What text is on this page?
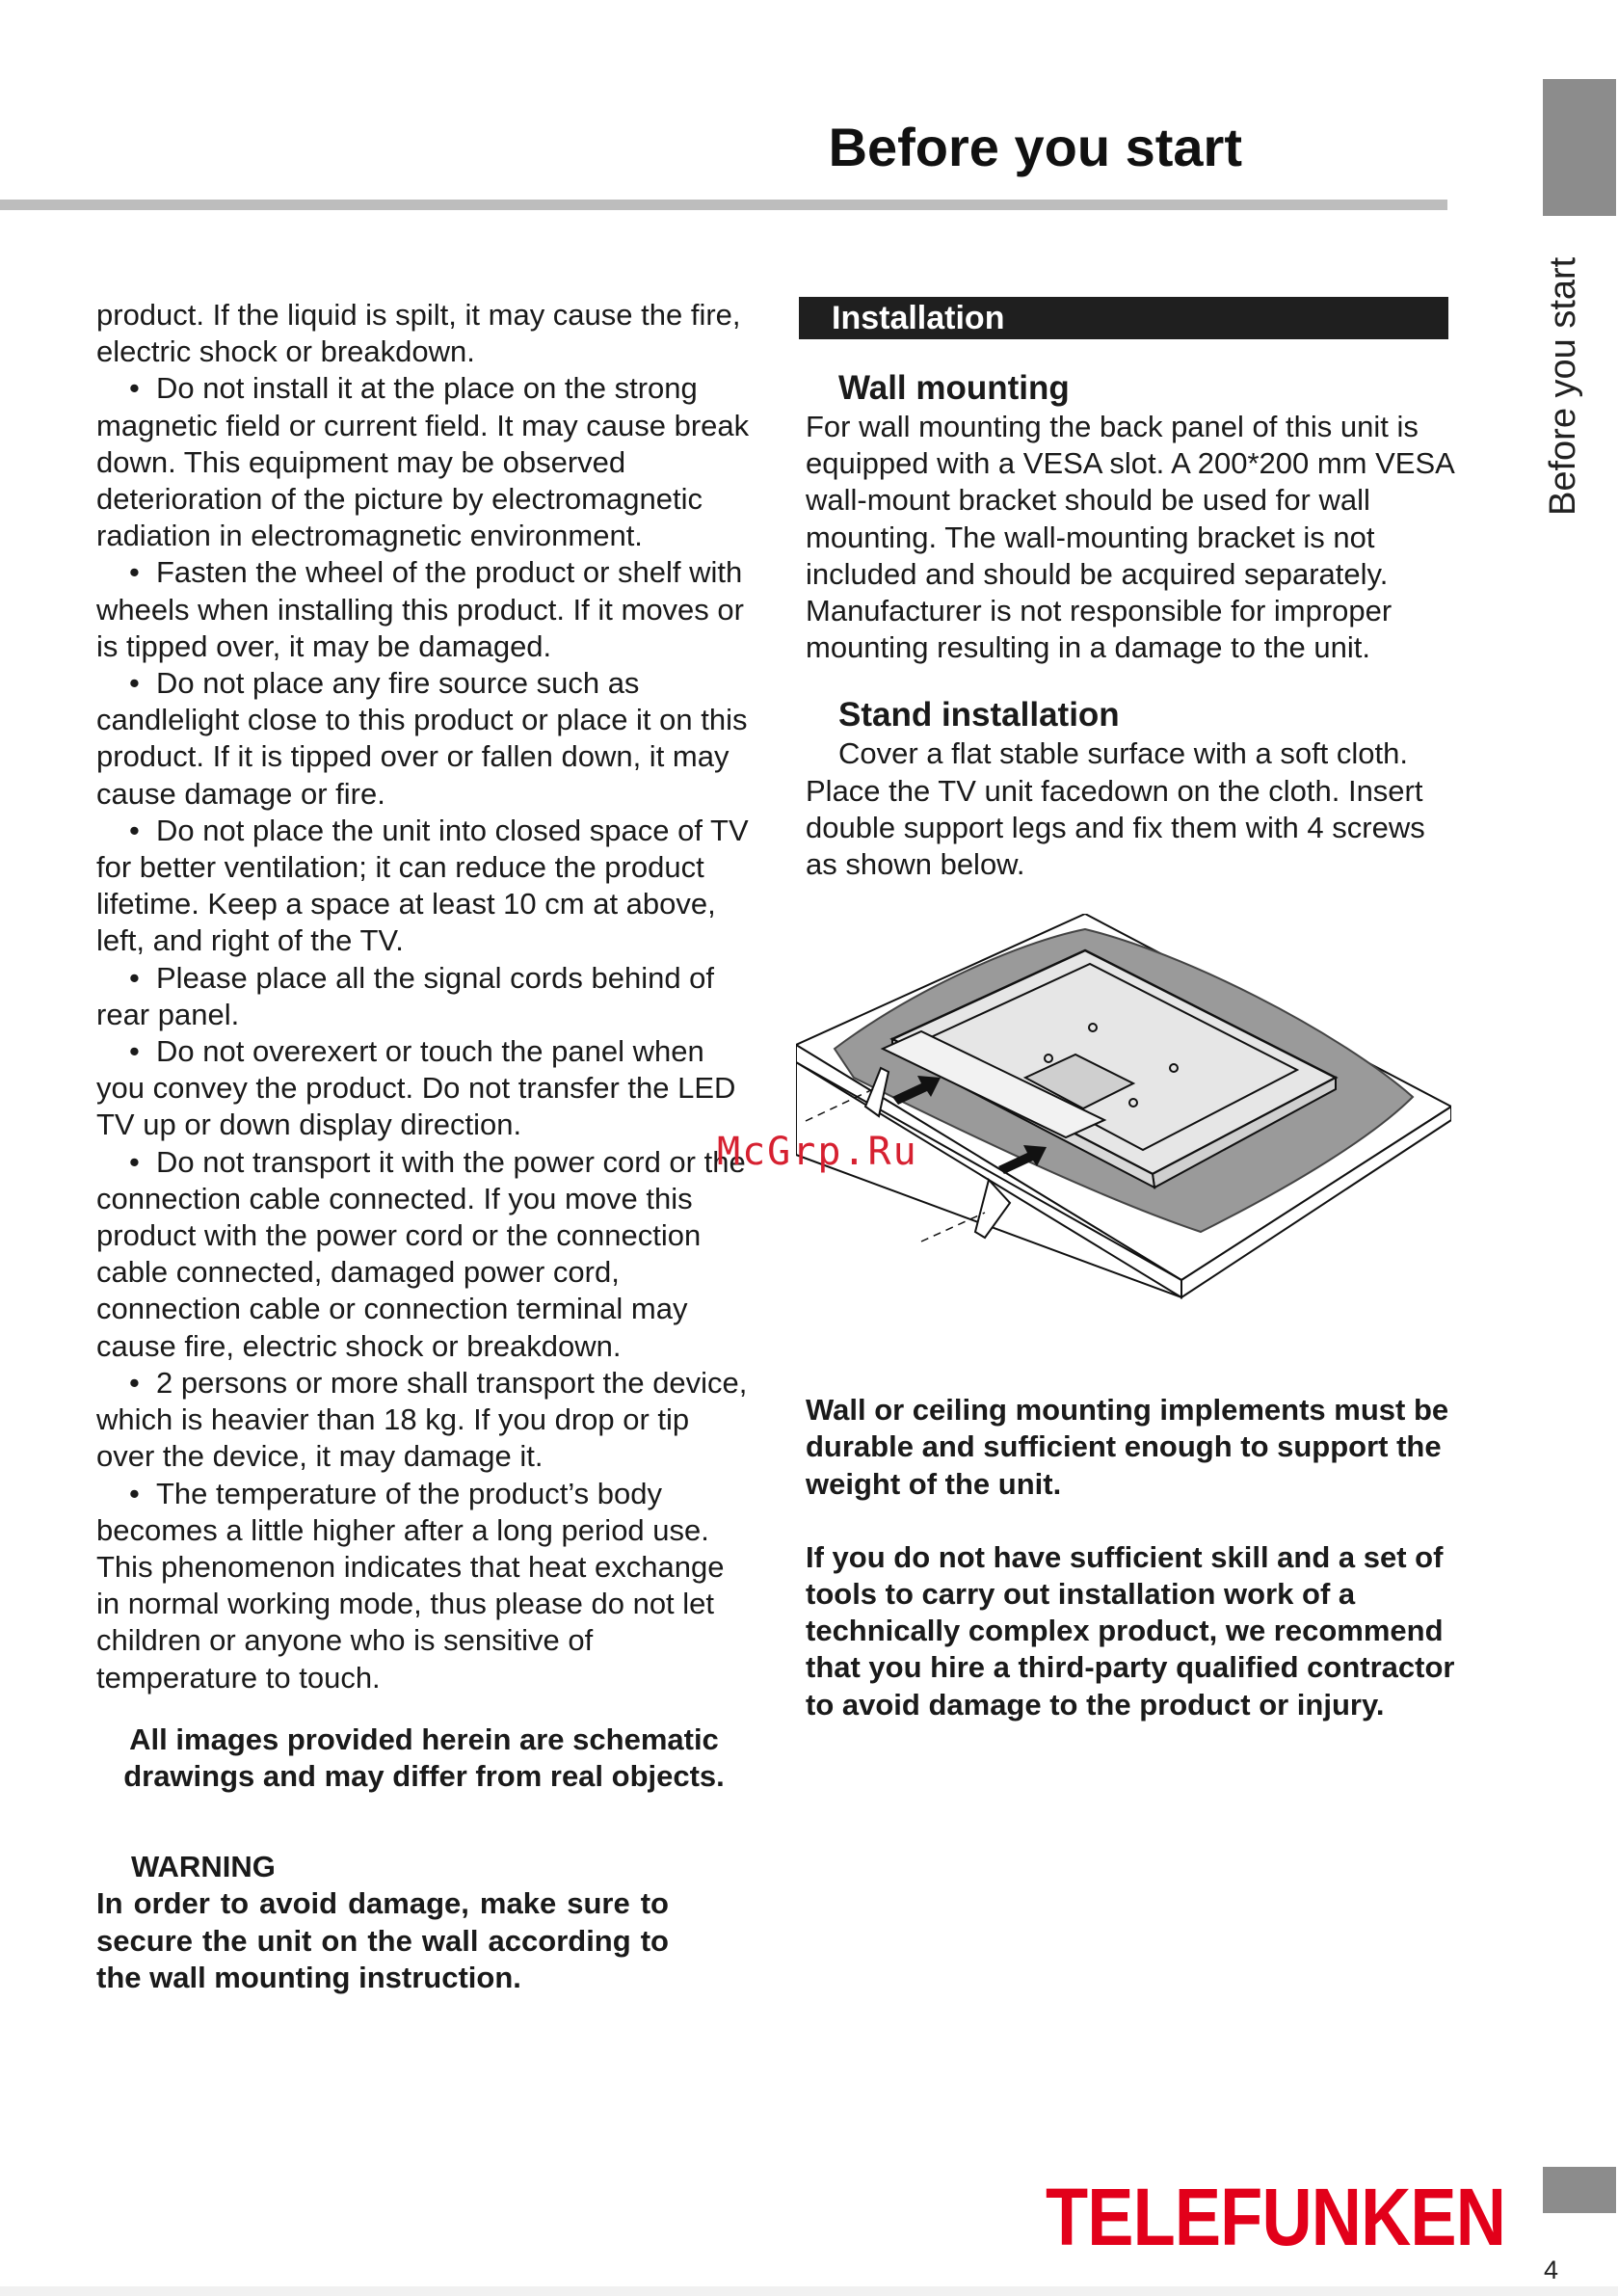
Before you start
Before you start

product. If the liquid is spilt, it may cause the fire, electric shock or breakdown.

• Do not install it at the place on the strong magnetic field or current field. It may cause break down. This equipment may be observed deterioration of the picture by electromagnetic radiation in electromagnetic environment.

• Fasten the wheel of the product or shelf with wheels when installing this product. If it moves or is tipped over, it may be damaged.

• Do not place any fire source such as candlelight close to this product or place it on this product. If it is tipped over or fallen down, it may cause damage or fire.

• Do not place the unit into closed space of TV for better ventilation; it can reduce the product lifetime. Keep a space at least 10 cm at above, left, and right of the TV.

• Please place all the signal cords behind of rear panel.

• Do not overexert or touch the panel when you convey the product. Do not transfer the LED TV up or down display direction.

• Do not transport it with the power cord or the connection cable connected. If you move this product with the power cord or the connection cable connected, damaged power cord, connection cable or connection terminal may cause fire, electric shock or breakdown.

• 2 persons or more shall transport the device, which is heavier than 18 kg. If you drop or tip over the device, it may damage it.

• The temperature of the product’s body becomes a little higher after a long period use. This phenomenon indicates that heat exchange in normal working mode, thus please do not let children or anyone who is sensitive of temperature to touch.

All images provided herein are schematic drawings and may differ from real objects.

WARNING

In order to avoid damage, make sure to secure the unit on the wall according to the wall mounting instruction.

Installation
Wall mounting

For wall mounting the back panel of this unit is equipped with a VESA slot. A 200*200 mm VESA wall-mount bracket should be used for wall mounting. The wall-mounting bracket is not included and should be acquired separately. Manufacturer is not responsible for improper mounting resulting in a damage to the unit.

Stand installation

Cover a flat stable surface with a soft cloth. Place the TV unit facedown on the cloth. Insert double support legs and fix them with 4 screws as shown below.

Wall or ceiling mounting implements must be durable and sufficient enough to support the weight of the unit.

If you do not have sufficient skill and a set of tools to carry out installation work of a technically complex product, we recommend that you hire a third-party qualified contractor to avoid damage to the product or injury.

McGrp.Ru
TELEFUNKEN
4
